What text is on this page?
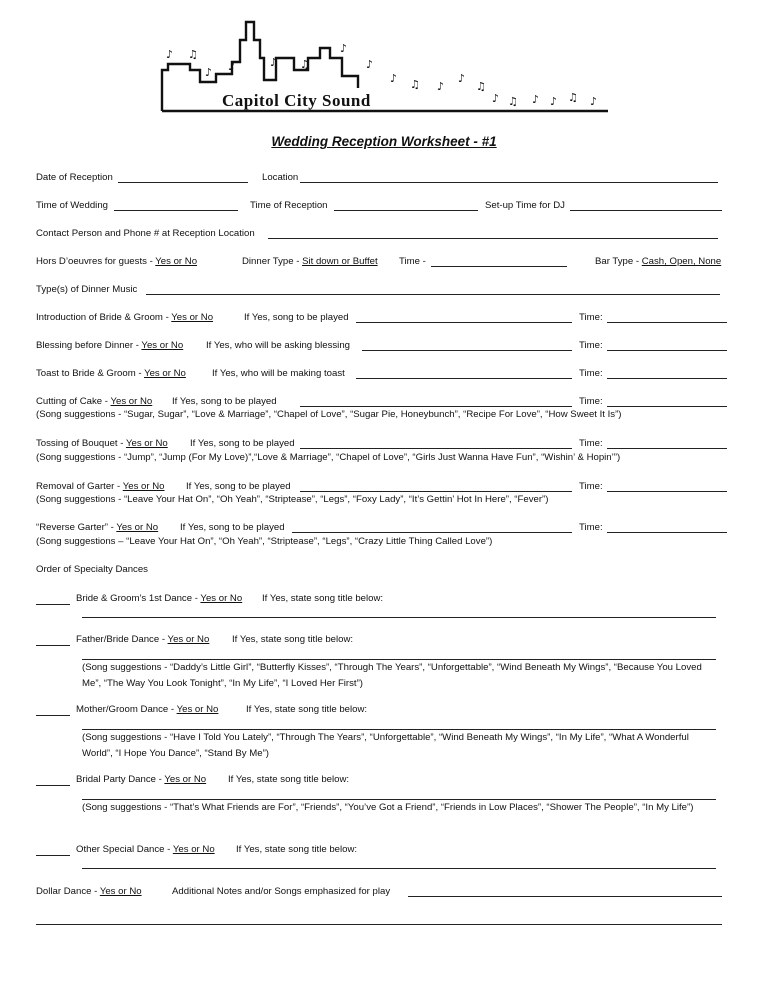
♪ ♫
♪ ♪	♪ ♫
♪
♪
♪ ♫ ♪
♪
♫
♪ ♫ ♪ ♪ ♫ ♪
Capitol City Sound
Wedding Reception Worksheet - #1
Date of Reception	Location
Time of Wedding	Time of Reception	Set-up Time for DJ
Contact Person and Phone # at Reception Location
Hors D’oeuvres for guests - Yes or No	Dinner Type - Sit down or Buffet Time -	Bar Type - Cash, Open, None
Type(s) of Dinner Music
Introduction of Bride & Groom - Yes or No	If Yes, song to be played	Time:
Blessing before Dinner - Yes or No If Yes, who will be asking blessing	Time:
Toast to Bride & Groom - Yes or No	If Yes, who will be making toast	Time:
Cutting of Cake - Yes or No If Yes, song to be played	Time:
(Song suggestions - “Sugar, Sugar”, “Love & Marriage”, “Chapel of Love”, “Sugar Pie, Honeybunch”, “Recipe For Love”, “How Sweet It Is”)
Tossing of Bouquet - Yes or No If Yes, song to be played	Time:
(Song suggestions - “Jump”, “Jump (For My Love)”,“Love & Marriage”, “Chapel of Love”, “Girls Just Wanna Have Fun”, “Wishin’ & Hopin’”)
Removal of Garter - Yes or No If Yes, song to be played	Time:
(Song suggestions - “Leave Your Hat On”, “Oh Yeah”, “Striptease”, “Legs”, “Foxy Lady”, “It’s Gettin’ Hot In Here”, “Fever”)
“Reverse Garter” - Yes or No If Yes, song to be played	Time:
(Song suggestions – “Leave Your Hat On”, “Oh Yeah”, “Striptease”, “Legs”, “Crazy Little Thing Called Love”)
Order of Specialty Dances
Bride & Groom’s 1st Dance - Yes or No If Yes, state song title below:
Father/Bride Dance - Yes or No If Yes, state song title below:
(Song suggestions - “Daddy’s Little Girl”, “Butterfly Kisses”, “Through The Years”, “Unforgettable”, “Wind Beneath My Wings”, “Because You Loved Me”, “The Way You Look Tonight”, “In My Life”, “I Loved Her First”)
Mother/Groom Dance - Yes or No	If Yes, state song title below:
(Song suggestions - “Have I Told You Lately”, “Through The Years”, “Unforgettable”, “Wind Beneath My Wings”, “In My Life”, “What A Wonderful World”, “I Hope You Dance”, “Stand By Me”)
Bridal Party Dance - Yes or No If Yes, state song title below:
(Song suggestions - “That’s What Friends are For”, “Friends”, “You’ve Got a Friend”, “Friends in Low Places”, “Shower The People”, “In My Life”)
Other Special Dance - Yes or No If Yes, state song title below:
Dollar Dance - Yes or No	Additional Notes and/or Songs emphasized for play
